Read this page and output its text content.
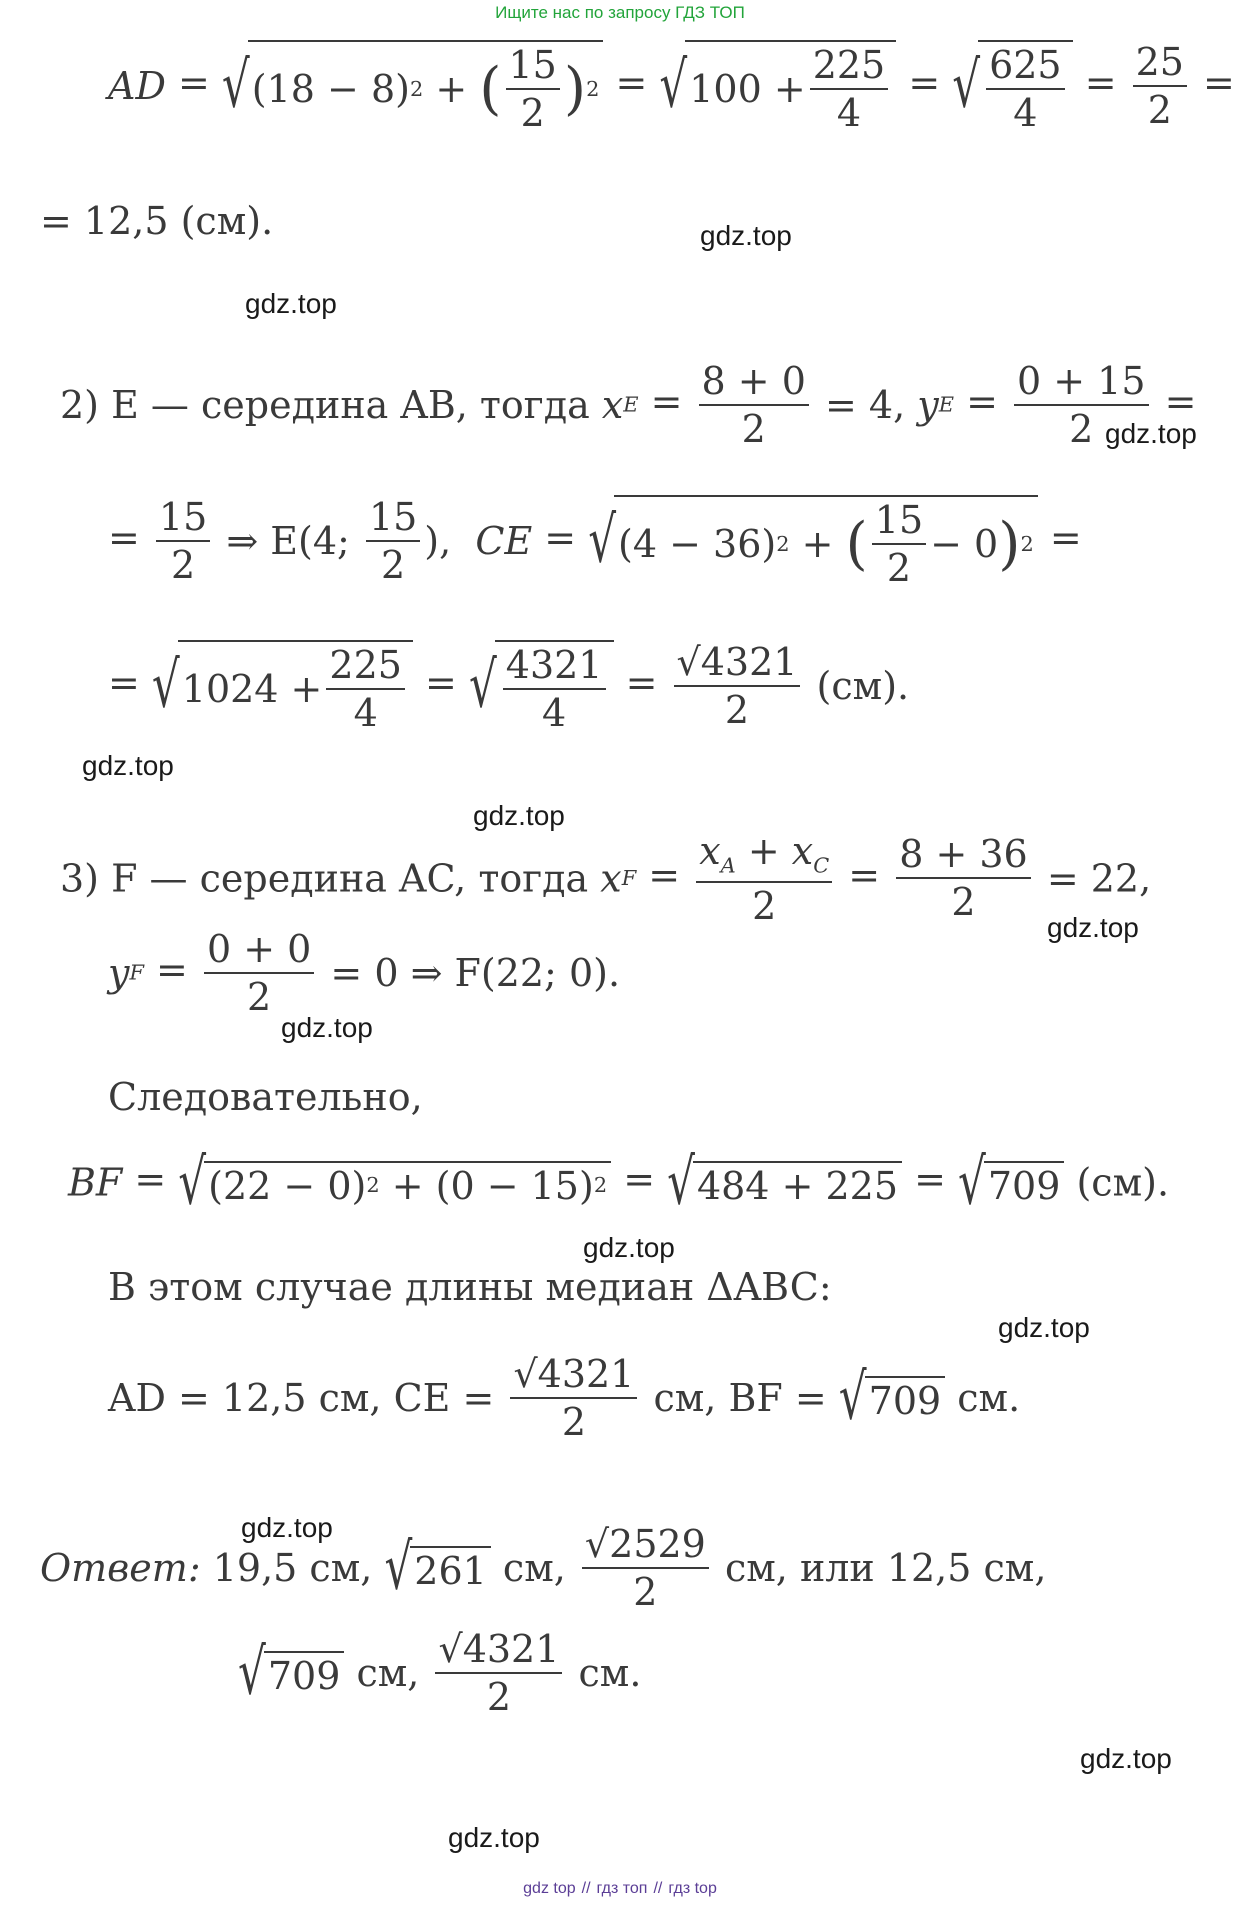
Ищите нас по запросу ГДЗ ТОП
gdz.top
gdz.top
gdz.top
gdz.top
gdz.top
gdz.top
gdz.top
gdz.top
gdz.top
gdz.top
gdz.top
gdz.top
AD = √ (18 − 8) 2 + ( $\frac{15}{2}$ ) 2 = √ $100 + \frac{225}{4}$ = √ $\frac{625}{4} = \frac{25}{2}$ =
= 12,5 (см).
2) E — середина AB, тогда xE = $\frac{8 + 0}{2} = 4$, yE = $\frac{0 + 15}{2}$ =
= $\frac{15}{2}$ ⇒ E(4; $\frac{15}{2}$ ), CE = √ (4 − 36) 2 + ( $\frac{15}{2} - 0$ ) 2 =
= √ $1024 + \frac{225}{4}$ = √ $\frac{4321}{4} = \frac{√4321}{2} (см)$.
3) F — середина AC, тогда xF = $\frac{x_A + x_C}{2} = \frac{8 + 36}{2} = 22$,
yF = $\frac{0 + 0}{2} = 0$ ⇒ F(22; 0).
Следовательно,
BF = √ (22 − 0) 2 + (0 − 15) 2 = √ 484 + 225 = √ 709 (см).
В этом случае длины медиан ΔABC:
AD = 12,5 см, CE = $\frac{√4321}{2}$ см, BF = √ 709 см.
Ответ: 19,5 см, √ 261 см, $\frac{√2529}{2}$ см, или 12,5 см,
√ 709 см, $\frac{√4321}{2}$ см.
gdz top // гдз топ // гдз top
